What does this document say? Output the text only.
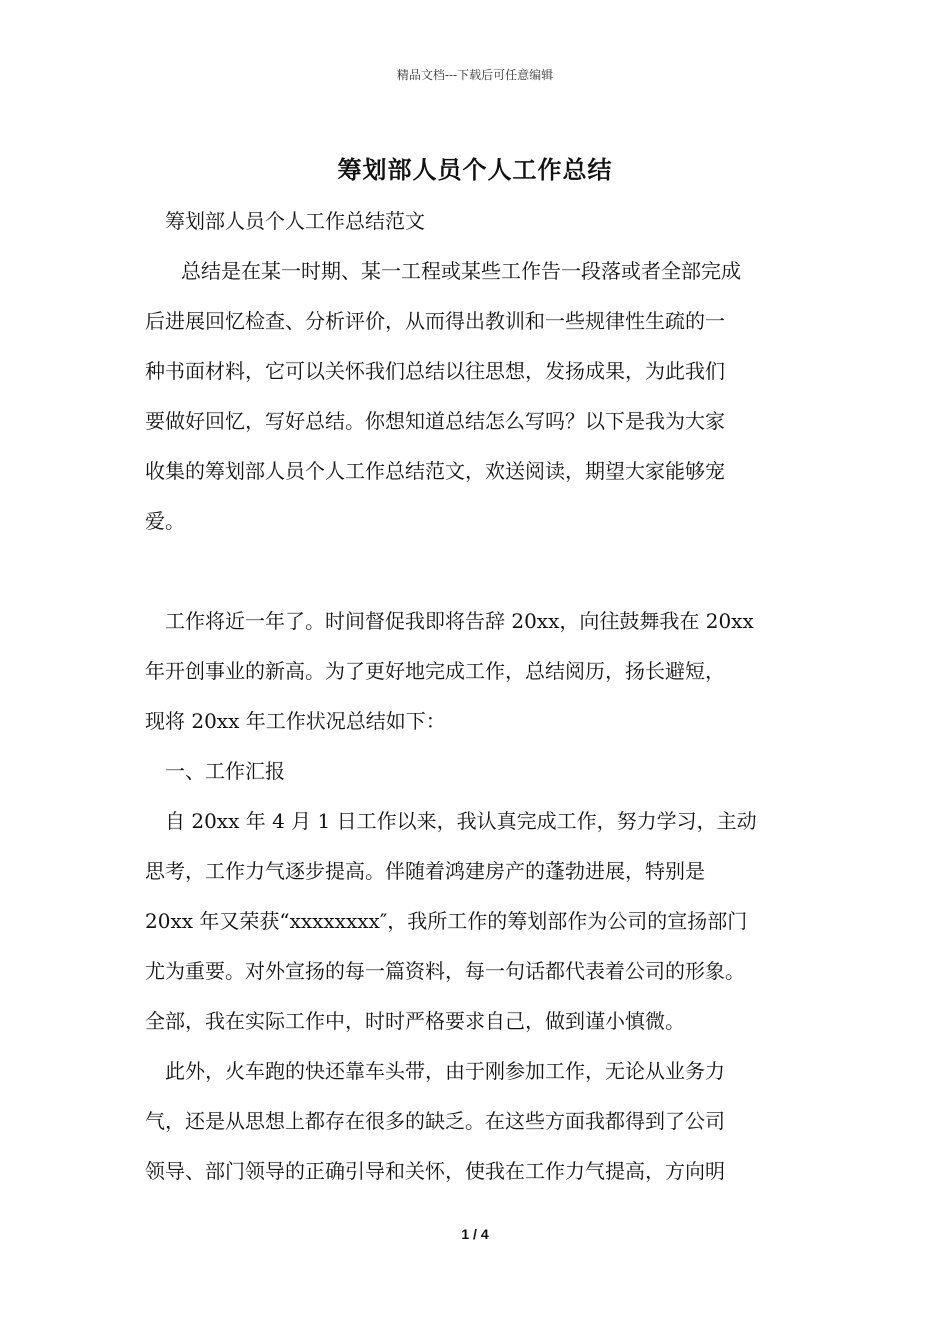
精品文档---下载后可任意编辑
筹划部人员个人工作总结

筹划部人员个人工作总结范文

总结是在某一时期、某一工程或某些工作告一段落或者全部完成
后进展回忆检查、分析评价，从而得出教训和一些规律性生疏的一
种书面材料，它可以关怀我们总结以往思想，发扬成果，为此我们
要做好回忆，写好总结。你想知道总结怎么写吗？以下是我为大家
收集的筹划部人员个人工作总结范文，欢送阅读，期望大家能够宠
爱。

工作将近一年了。时间督促我即将告辞 20xx，向往鼓舞我在 20xx
年开创事业的新高。为了更好地完成工作，总结阅历，扬长避短，
现将 20xx 年工作状况总结如下：

一、工作汇报

自 20xx 年 4 月 1 日工作以来，我认真完成工作，努力学习，主动
思考，工作力气逐步提高。伴随着鸿建房产的蓬勃进展，特别是
20xx 年又荣获“xxxxxxxx″，我所工作的筹划部作为公司的宣扬部门
尤为重要。对外宣扬的每一篇资料，每一句话都代表着公司的形象。
全部，我在实际工作中，时时严格要求自己，做到谨小慎微。

此外，火车跑的快还靠车头带，由于刚参加工作，无论从业务力
气，还是从思想上都存在很多的缺乏。在这些方面我都得到了公司
领导、部门领导的正确引导和关怀，使我在工作力气提高，方向明

1 / 4
